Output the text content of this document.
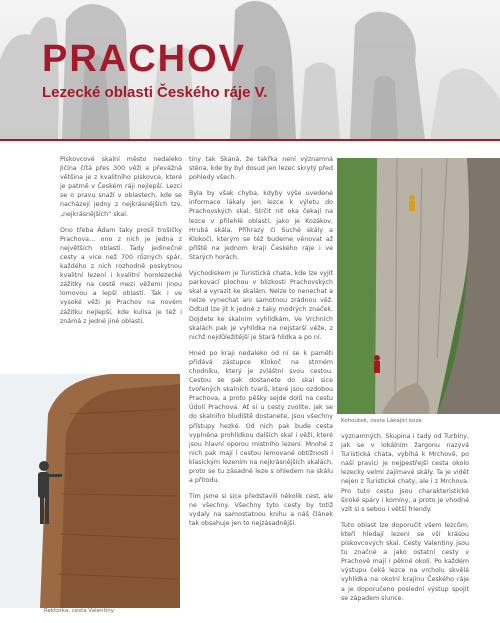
PRACHOV
Lezecké oblasti Českého ráje V.

Pískovcové skalní město nedaleko Jičína čítá přes 300 věží a převážná většina je z kvalitního pískovce, které je patrně v Českém ráji nejlepší. Lezci se o pravu snaží v oblastech, kde se nacházejí jedny z nejkrásnějších tzv. „nejkrásnějších“ skal.

Ono třeba Ádam taky prosil trošičky Prachova… ono z nich je jedna z největších oblastí. Tady jedinečné cesty a více než 700 různých spár, každého z nich rozhodně poskytnou kvalitní lezení i kvalitní horolezecké zážitky na cestě mezi věžemi jinou lomovou a lepší oblastí. Tak i ve vysoké věži je Prachov na novém zážitku nejlepší, kde kulisa je též i známá z jedné jiné oblasti.

tiny tak Skaná, že takřka není významná stěna, kde by byl dosud jen lezec skrytý před pohledy všech.

Byla by však chyba, kdyby výše uvedené informace lákaly jen lezce k výletu do Prachovských skal. Strčit nit oka čekají na lezce v přilehlé oblasti, jako je Kozákov, Hrubá skála, Příhrazy či Suché skály a Klokočí, kterým se též budeme věnovat až příště na jednom kraji Českého ráje i ve Starých horách.

Východiskem je Turistická chata, kde lze vyjít parkovací plochou v blízkosti Prachovských skal a vyrazit ke skalám. Nelze to nenechat a nelze vynechat ani samotnou zrádnou věž. Odtud lze jít k jedné z taky modrých značek. Dojdete ke skalním vyhlídkám, Ve Vrchních skalách pak je vyhlídka na nejstarší věže, z nichž nejdůležitější je Stará hlídka a po ní.

Hned po kraji nedaleko od ní se k paměti přidává zástupce Klokoč na strmém chodníku, který je zvláštní svou cestou. Cestou se pak dostanete do skal sice tvořených skalních tvarů, které jsou ozdobou Prachova, a proto pěšky sejde dolů na cestu Údolí Prachova. Ať si u cesty zvolíte, jak se do skalního bludiště dostanete, jsou všechny přístupy hezké. Od nich pak bude cesta vyplněna prohlídkou dalších skal i věží, které jsou hlavní oporou místního lezení. Mnohé z nich pak mají i cestou lemované obtížnosti i klasickým lezením na nejkrásnějších skalách, proto se tu zásadně leze s ohledem na skálu a přírodu.

Tím jsme si sice představili několik cest, ale ne všechny. Všechny tyto cesty by totiž vydaly na samostatnou knihu a náš článek tak obsahuje jen to nejzásadnější.

významných. Skupina i tady od Turbíny, jak se v lokálním žargonu nazývá Turistická chata, vybíhá k Mrchově, po naší pravici je nejpestřejší cesta okolo lezecky velmi zajímavé skály. Ta je vidět nejen z Turistické chaty, ale i z Mrchova. Pro tuto cestu jsou charakteristické široké spáry i komíny, a proto je vhodné vzít si s sebou i větší friendy.

Tuto oblast lze doporučit všem lezcům, kteří hledají lezení se vší krásou pískovcových skal. Cesty Valentiny jsou tu značné a jako ostatní cesty v Prachově mají i pěkné okolí. Po každém výstupu čeká lezce na vrcholu skvělá vyhlídka na okolní krajinu Českého ráje a je doporučeno poslední výstup spojit se západem slunce.

Rektorka, cesta Valentiny
Kohoutek, cesta Lákající koza
